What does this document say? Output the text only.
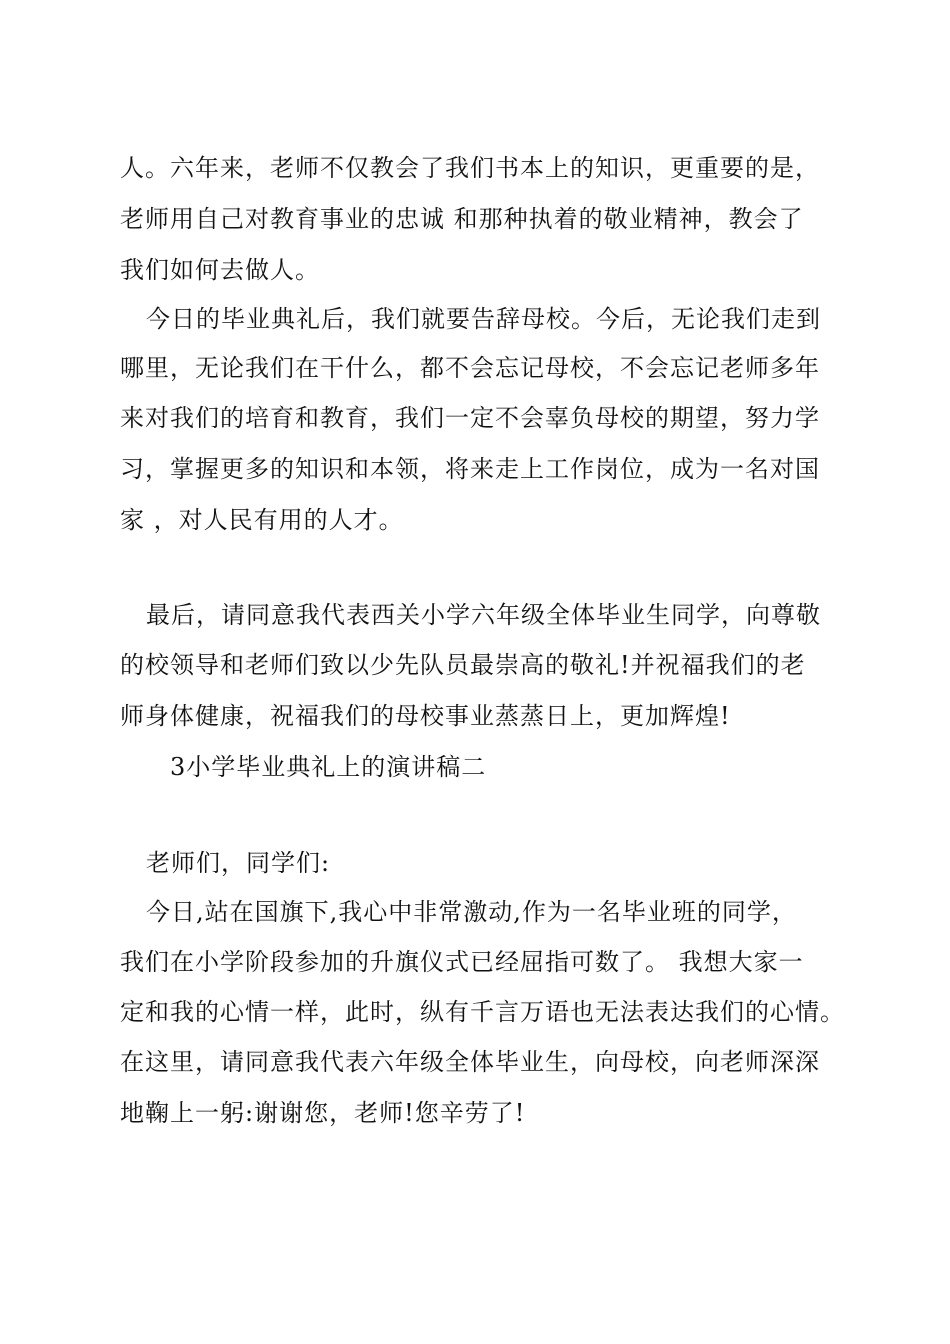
人。六年来，老师不仅教会了我们书本上的知识，更重要的是，
老师用自己对教育事业的忠诚 和那种执着的敬业精神，教会了
我们如何去做人。
今日的毕业典礼后，我们就要告辞母校。今后，无论我们走到
哪里，无论我们在干什么，都不会忘记母校，不会忘记老师多年
来对我们的培育和教育，我们一定不会辜负母校的期望，努力学
习，掌握更多的知识和本领，将来走上工作岗位，成为一名对国
家 ，对人民有用的人才。
最后，请同意我代表西关小学六年级全体毕业生同学，向尊敬
的校领导和老师们致以少先队员最崇高的敬礼!并祝福我们的老
师身体健康，祝福我们的母校事业蒸蒸日上，更加辉煌!
3小学毕业典礼上的演讲稿二
老师们，同学们:
今日,站在国旗下,我心中非常激动,作为一名毕业班的同学，
我们在小学阶段参加的升旗仪式已经屈指可数了。 我想大家一
定和我的心情一样，此时，纵有千言万语也无法表达我们的心情。
在这里，请同意我代表六年级全体毕业生，向母校，向老师深深
地鞠上一躬:谢谢您，老师!您辛劳了!
